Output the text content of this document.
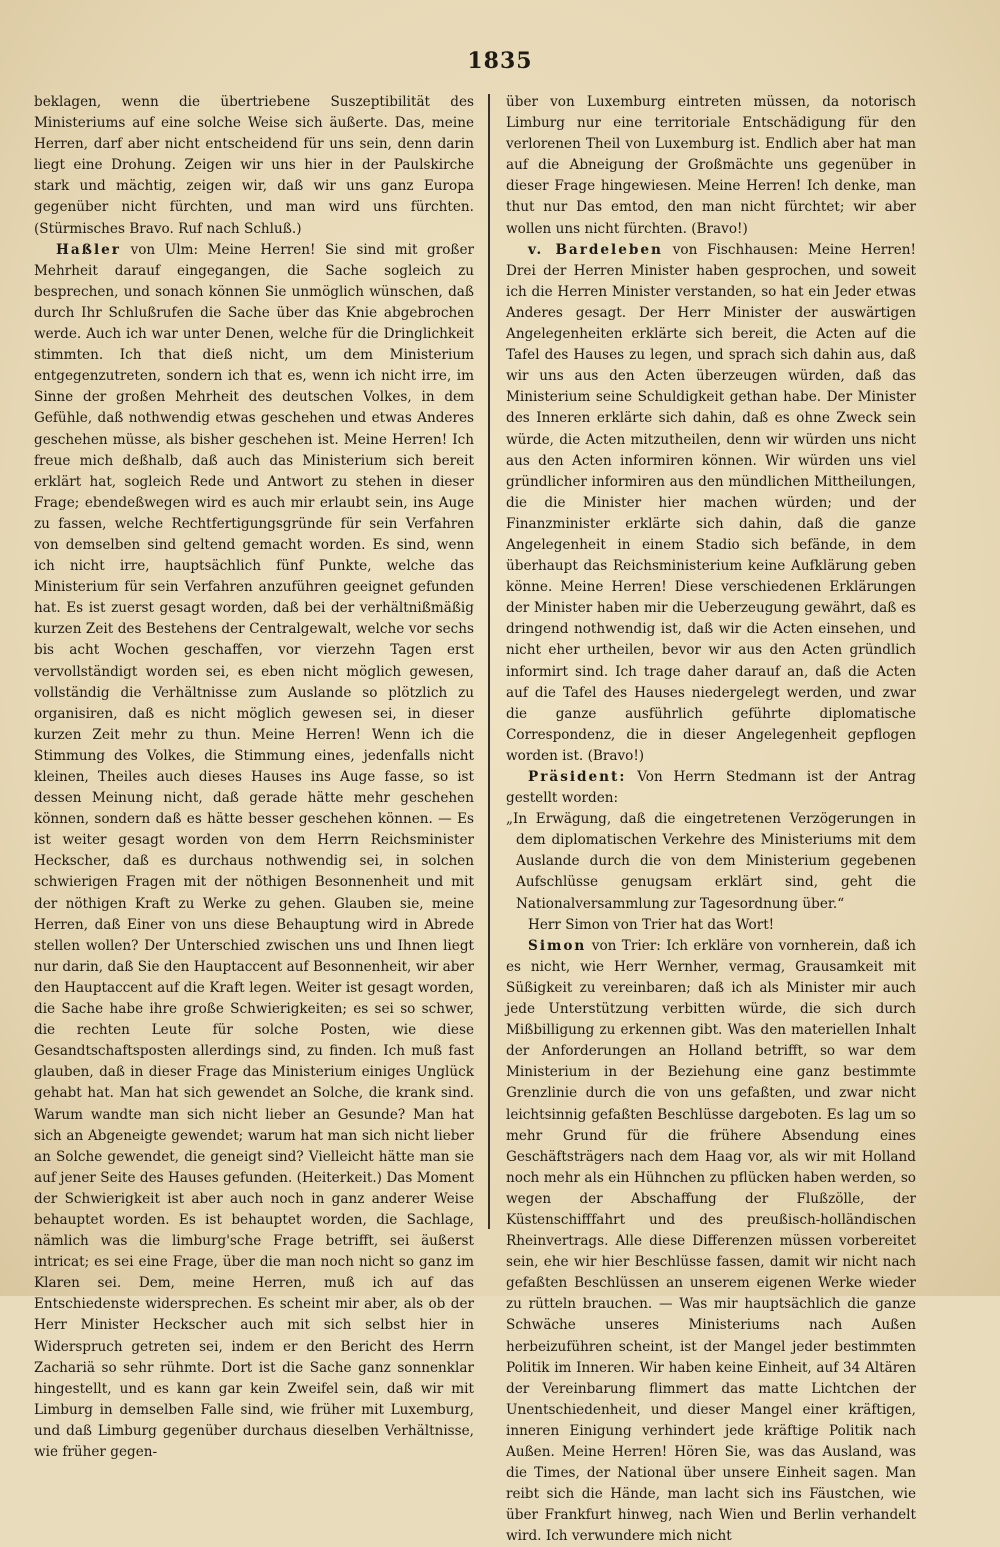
1835

beklagen, wenn die übertriebene Suszeptibilität des Ministeriums auf eine solche Weise sich äußerte. Das, meine Herren, darf aber nicht entscheidend für uns sein, denn darin liegt eine Drohung. Zeigen wir uns hier in der Paulskirche stark und mächtig, zeigen wir, daß wir uns ganz Europa gegenüber nicht fürchten, und man wird uns fürchten. (Stürmisches Bravo. Ruf nach Schluß.)

Haßler von Ulm: Meine Herren! Sie sind mit großer Mehrheit darauf eingegangen, die Sache sogleich zu besprechen, und sonach können Sie unmöglich wünschen, daß durch Ihr Schlußrufen die Sache über das Knie abgebrochen werde. Auch ich war unter Denen, welche für die Dringlichkeit stimmten. Ich that dieß nicht, um dem Ministerium entgegenzutreten, sondern ich that es, wenn ich nicht irre, im Sinne der großen Mehrheit des deutschen Volkes, in dem Gefühle, daß nothwendig etwas geschehen und etwas Anderes geschehen müsse, als bisher geschehen ist. Meine Herren! Ich freue mich deßhalb, daß auch das Ministerium sich bereit erklärt hat, sogleich Rede und Antwort zu stehen in dieser Frage; ebendeßwegen wird es auch mir erlaubt sein, ins Auge zu fassen, welche Rechtfertigungsgründe für sein Verfahren von demselben sind geltend gemacht worden. Es sind, wenn ich nicht irre, hauptsächlich fünf Punkte, welche das Ministerium für sein Verfahren anzuführen geeignet gefunden hat. Es ist zuerst gesagt worden, daß bei der verhältnißmäßig kurzen Zeit des Bestehens der Centralgewalt, welche vor sechs bis acht Wochen geschaffen, vor vierzehn Tagen erst vervollständigt worden sei, es eben nicht möglich gewesen, vollständig die Verhältnisse zum Auslande so plötzlich zu organisiren, daß es nicht möglich gewesen sei, in dieser kurzen Zeit mehr zu thun. Meine Herren! Wenn ich die Stimmung des Volkes, die Stimmung eines, jedenfalls nicht kleinen, Theiles auch dieses Hauses ins Auge fasse, so ist dessen Meinung nicht, daß gerade hätte mehr geschehen können, sondern daß es hätte besser geschehen können. — Es ist weiter gesagt worden von dem Herrn Reichsminister Heckscher, daß es durchaus nothwendig sei, in solchen schwierigen Fragen mit der nöthigen Besonnenheit und mit der nöthigen Kraft zu Werke zu gehen. Glauben sie, meine Herren, daß Einer von uns diese Behauptung wird in Abrede stellen wollen? Der Unterschied zwischen uns und Ihnen liegt nur darin, daß Sie den Hauptaccent auf Besonnenheit, wir aber den Hauptaccent auf die Kraft legen. Weiter ist gesagt worden, die Sache habe ihre große Schwierigkeiten; es sei so schwer, die rechten Leute für solche Posten, wie diese Gesandtschaftsposten allerdings sind, zu finden. Ich muß fast glauben, daß in dieser Frage das Ministerium einiges Unglück gehabt hat. Man hat sich gewendet an Solche, die krank sind. Warum wandte man sich nicht lieber an Gesunde? Man hat sich an Abgeneigte gewendet; warum hat man sich nicht lieber an Solche gewendet, die geneigt sind? Vielleicht hätte man sie auf jener Seite des Hauses gefunden. (Heiterkeit.) Das Moment der Schwierigkeit ist aber auch noch in ganz anderer Weise behauptet worden. Es ist behauptet worden, die Sachlage, nämlich was die limburg'sche Frage betrifft, sei äußerst intricat; es sei eine Frage, über die man noch nicht so ganz im Klaren sei. Dem, meine Herren, muß ich auf das Entschiedenste widersprechen. Es scheint mir aber, als ob der Herr Minister Heckscher auch mit sich selbst hier in Widerspruch getreten sei, indem er den Bericht des Herrn Zachariä so sehr rühmte. Dort ist die Sache ganz sonnenklar hingestellt, und es kann gar kein Zweifel sein, daß wir mit Limburg in demselben Falle sind, wie früher mit Luxemburg, und daß Limburg gegenüber durchaus dieselben Verhältnisse, wie früher gegen-

über von Luxemburg eintreten müssen, da notorisch Limburg nur eine territoriale Entschädigung für den verlorenen Theil von Luxemburg ist. Endlich aber hat man auf die Abneigung der Großmächte uns gegenüber in dieser Frage hingewiesen. Meine Herren! Ich denke, man thut nur Das emtod, den man nicht fürchtet; wir aber wollen uns nicht fürchten. (Bravo!)

v. Bardeleben von Fischhausen: Meine Herren! Drei der Herren Minister haben gesprochen, und soweit ich die Herren Minister verstanden, so hat ein Jeder etwas Anderes gesagt. Der Herr Minister der auswärtigen Angelegenheiten erklärte sich bereit, die Acten auf die Tafel des Hauses zu legen, und sprach sich dahin aus, daß wir uns aus den Acten überzeugen würden, daß das Ministerium seine Schuldigkeit gethan habe. Der Minister des Inneren erklärte sich dahin, daß es ohne Zweck sein würde, die Acten mitzutheilen, denn wir würden uns nicht aus den Acten informiren können. Wir würden uns viel gründlicher informiren aus den mündlichen Mittheilungen, die die Minister hier machen würden; und der Finanzminister erklärte sich dahin, daß die ganze Angelegenheit in einem Stadio sich befände, in dem überhaupt das Reichsministerium keine Aufklärung geben könne. Meine Herren! Diese verschiedenen Erklärungen der Minister haben mir die Ueberzeugung gewährt, daß es dringend nothwendig ist, daß wir die Acten einsehen, und nicht eher urtheilen, bevor wir aus den Acten gründlich informirt sind. Ich trage daher darauf an, daß die Acten auf die Tafel des Hauses niedergelegt werden, und zwar die ganze ausführlich geführte diplomatische Correspondenz, die in dieser Angelegenheit gepflogen worden ist. (Bravo!)

Präsident: Von Herrn Stedmann ist der Antrag gestellt worden:

„In Erwägung, daß die eingetretenen Verzögerungen in dem diplomatischen Verkehre des Ministeriums mit dem Auslande durch die von dem Ministerium gegebenen Aufschlüsse genugsam erklärt sind, geht die Nationalversammlung zur Tagesordnung über.“

Herr Simon von Trier hat das Wort!

Simon von Trier: Ich erkläre von vornherein, daß ich es nicht, wie Herr Wernher, vermag, Grausamkeit mit Süßigkeit zu vereinbaren; daß ich als Minister mir auch jede Unterstützung verbitten würde, die sich durch Mißbilligung zu erkennen gibt. Was den materiellen Inhalt der Anforderungen an Holland betrifft, so war dem Ministerium in der Beziehung eine ganz bestimmte Grenzlinie durch die von uns gefaßten, und zwar nicht leichtsinnig gefaßten Beschlüsse dargeboten. Es lag um so mehr Grund für die frühere Absendung eines Geschäftsträgers nach dem Haag vor, als wir mit Holland noch mehr als ein Hühnchen zu pflücken haben werden, so wegen der Abschaffung der Flußzölle, der Küstenschifffahrt und des preußisch-holländischen Rheinvertrags. Alle diese Differenzen müssen vorbereitet sein, ehe wir hier Beschlüsse fassen, damit wir nicht nach gefaßten Beschlüssen an unserem eigenen Werke wieder zu rütteln brauchen. — Was mir hauptsächlich die ganze Schwäche unseres Ministeriums nach Außen herbeizuführen scheint, ist der Mangel jeder bestimmten Politik im Inneren. Wir haben keine Einheit, auf 34 Altären der Vereinbarung flimmert das matte Lichtchen der Unentschiedenheit, und dieser Mangel einer kräftigen, inneren Einigung verhindert jede kräftige Politik nach Außen. Meine Herren! Hören Sie, was das Ausland, was die Times, der National über unsere Einheit sagen. Man reibt sich die Hände, man lacht sich ins Fäustchen, wie über Frankfurt hinweg, nach Wien und Berlin verhandelt wird. Ich verwundere mich nicht
